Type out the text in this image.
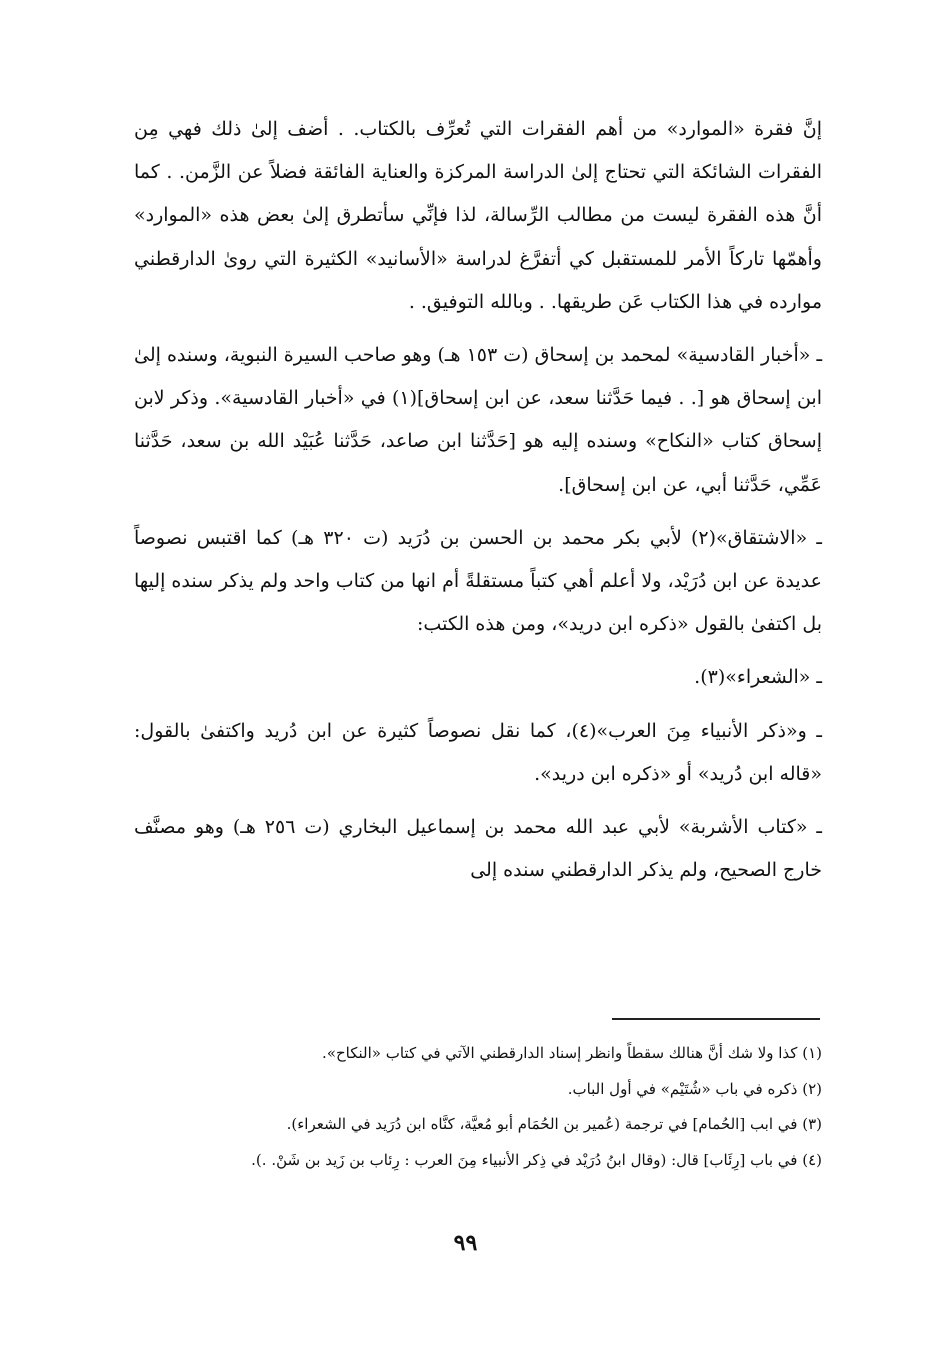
إنَّ فقرة «الموارد» من أهم الفقرات التي تُعرِّف بالكتاب. . أضف إلىٰ ذلك فهي مِن الفقرات الشائكة التي تحتاج إلىٰ الدراسة المركزة والعناية الفائقة فضلاً عن الزَّمن. . كما أنَّ هذه الفقرة ليست من مطالب الرِّسالة، لذا فإنِّي سأتطرق إلىٰ بعض هذه «الموارد» وأهمّها تاركاً الأمر للمستقبل كي أتفرَّغ لدراسة «الأسانيد» الكثيرة التي روىٰ الدارقطني موارده في هذا الكتاب عَن طريقها. . وبالله التوفيق. .

ـ «أخبار القادسية» لمحمد بن إسحاق (ت ١٥٣ هـ) وهو صاحب السيرة النبوية، وسنده إلىٰ ابن إسحاق هو [. . فيما حَدَّثنا سعد، عن ابن إسحاق](١) في «أخبار القادسية». وذكر لابن إسحاق كتاب «النكاح» وسنده إليه هو [حَدَّثنا ابن صاعد، حَدَّثنا عُبَيْد الله بن سعد، حَدَّثنا عَمِّي، حَدَّثنا أبي، عن ابن إسحاق].

ـ «الاشتقاق»(٢) لأبي بكر محمد بن الحسن بن دُرَيد (ت ٣٢٠ هـ) كما اقتبس نصوصاً عديدة عن ابن دُرَيْد، ولا أعلم أهي كتباً مستقلةً أم انها من كتاب واحد ولم يذكر سنده إليها بل اكتفىٰ بالقول «ذكره ابن دريد»، ومن هذه الكتب:

ـ «الشعراء»(٣).

ـ و«ذكر الأنبياء مِنَ العرب»(٤)، كما نقل نصوصاً كثيرة عن ابن دُريد واكتفىٰ بالقول: «قاله ابن دُريد» أو «ذكره ابن دريد».

ـ «كتاب الأشربة» لأبي عبد الله محمد بن إسماعيل البخاري (ت ٢٥٦ هـ) وهو مصنَّف خارج الصحيح، ولم يذكر الدارقطني سنده إلى

(١) كذا ولا شك أنَّ هنالك سقطاً وانظر إسناد الدارقطني الآتي في كتاب «النكاح».

(٢) ذكره في باب «شُتَيْم» في أول الباب.

(٣) في ابب [الحُمام] في ترجمة (عُمير بن الحُمَام أبو مُعيَّة، كنَّاه ابن دُرَيد في الشعراء).

(٤) في باب [رِئَاب] قال: (وقال ابنُ دُرَيْد في ذِكر الأنبياء مِنَ العرب : رِئاب بن زَيد بن شَنْ. .).

٩٩
